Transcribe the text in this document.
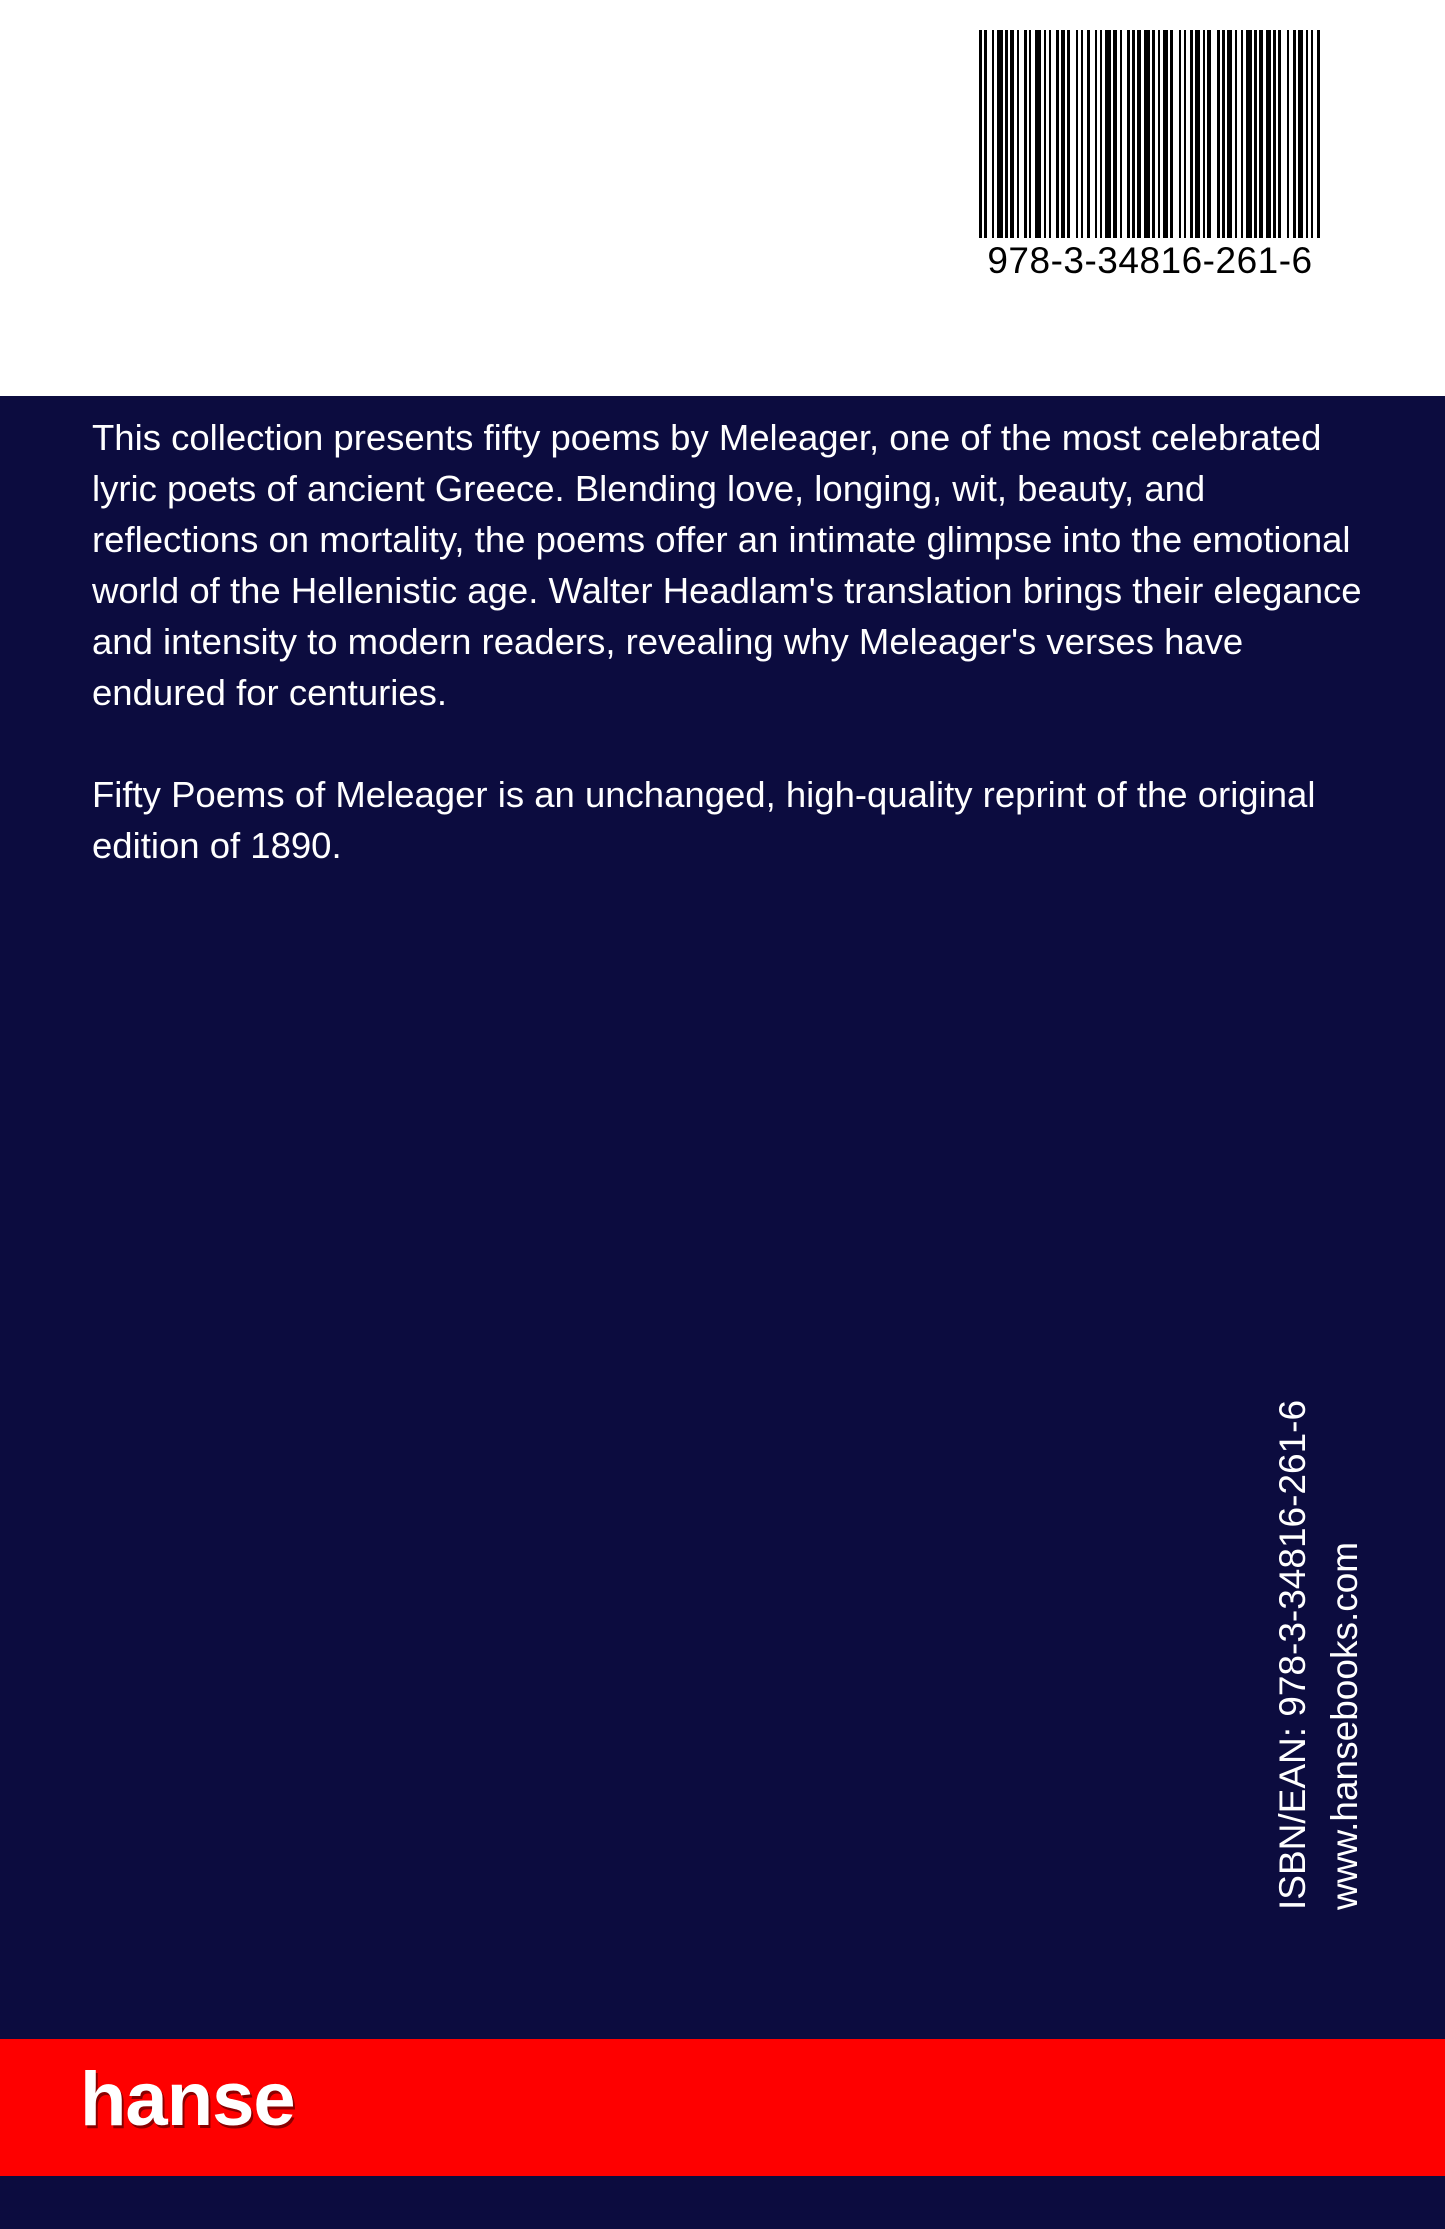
978-3-34816-261-6

This collection presents fifty poems by Meleager, one of the most celebrated lyric poets of ancient Greece. Blending love, longing, wit, beauty, and reflections on mortality, the poems offer an intimate glimpse into the emotional world of the Hellenistic age. Walter Headlam's translation brings their elegance and intensity to modern readers, revealing why Meleager's verses have endured for centuries.

Fifty Poems of Meleager is an unchanged, high-quality reprint of the original edition of 1890.

ISBN/EAN: 978-3-34816-261-6 www.hansebooks.com
hanse
